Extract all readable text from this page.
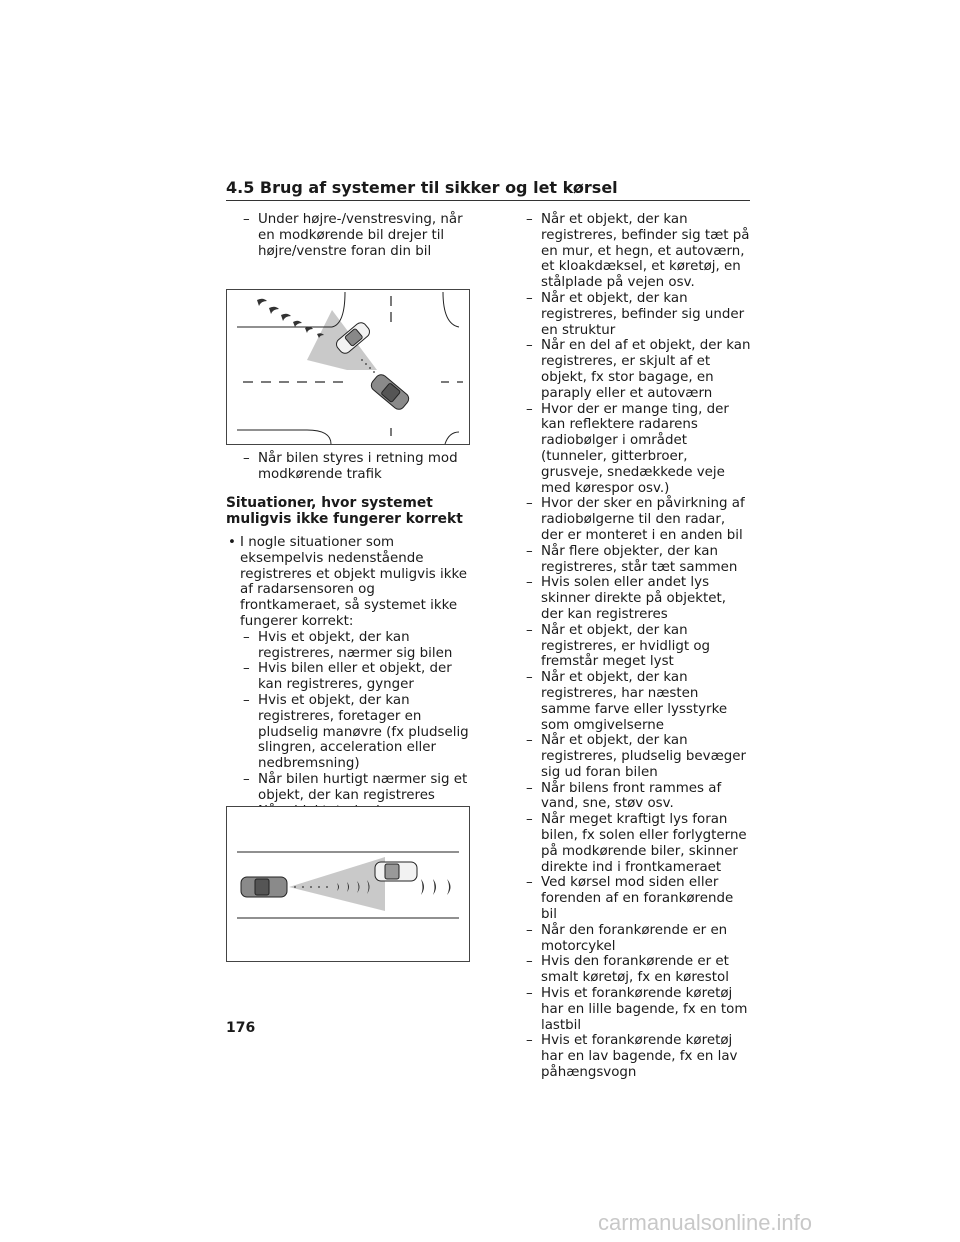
4.5 Brug af systemer til sikker og let kørsel
– Under højre-/venstresving, når en modkørende bil drejer til højre/venstre foran din bil
– Når bilen styres i retning mod modkørende trafik
Situationer, hvor systemet muligvis ikke fungerer korrekt
• I nogle situationer som eksempelvis nedenstående registreres et objekt muligvis ikke af radarsensoren og frontkameraet, så systemet ikke fungerer korrekt:
– Hvis et objekt, der kan registreres, nærmer sig bilen
– Hvis bilen eller et objekt, der kan registreres, gynger
– Hvis et objekt, der kan registreres, foretager en pludselig manøvre (fx pludselig slingren, acceleration eller nedbremsning)
– Når bilen hurtigt nærmer sig et objekt, der kan registreres
– Når et objekt, der kan registreres, befinder sig tæt på en mur, et hegn, et autoværn, et kloakdæksel, et køretøj, en stålplade på vejen osv.
– Når et objekt, der kan registreres, befinder sig under en struktur
– Når en del af et objekt, der kan registreres, er skjult af et objekt, fx stor bagage, en paraply eller et autoværn
– Hvor der er mange ting, der kan reflektere radarens radiobølger i området (tunneler, gitterbroer, grusveje, snedækkede veje med kørespor osv.)
– Hvor der sker en påvirkning af radiobølgerne til den radar, der er monteret i en anden bil
– Når flere objekter, der kan registreres, står tæt sammen
– Hvis solen eller andet lys skinner direkte på objektet, der kan registreres
– Når et objekt, der kan registreres, er hvidligt og fremstår meget lyst
– Når et objekt, der kan registreres, har næsten samme farve eller lysstyrke som omgivelserne
– Når et objekt, der kan registreres, pludselig bevæger sig ud foran bilen
– Når bilens front rammes af vand, sne, støv osv.
– Når meget kraftigt lys foran bilen, fx solen eller forlygterne på modkørende biler, skinner direkte ind i frontkameraet
– Ved kørsel mod siden eller forenden af en forankørende bil
– Når den forankørende er en motorcykel
– Hvis den forankørende er et smalt køretøj, fx en kørestol
– Hvis et forankørende køretøj har en lille bagende, fx en tom lastbil
– Hvis et forankørende køretøj har en lav bagende, fx en lav påhængsvogn
176
carmanualsonline.info
